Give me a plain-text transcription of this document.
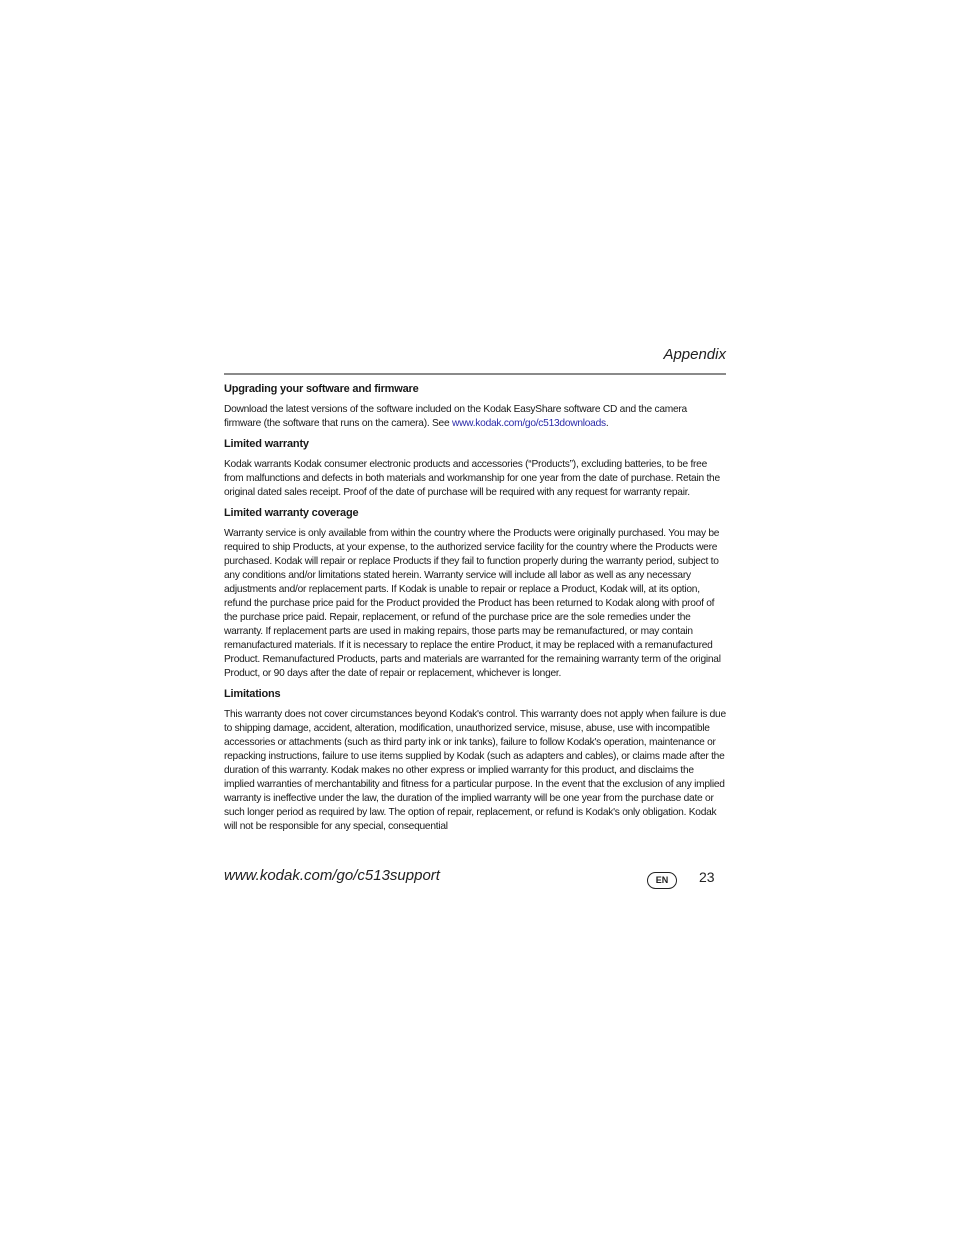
Appendix
Upgrading your software and firmware

Download the latest versions of the software included on the Kodak EasyShare software CD and the camera firmware (the software that runs on the camera). See www.kodak.com/go/c513downloads.

Limited warranty

Kodak warrants Kodak consumer electronic products and accessories (“Products”), excluding batteries, to be free from malfunctions and defects in both materials and workmanship for one year from the date of purchase. Retain the original dated sales receipt. Proof of the date of purchase will be required with any request for warranty repair.

Limited warranty coverage

Warranty service is only available from within the country where the Products were originally purchased. You may be required to ship Products, at your expense, to the authorized service facility for the country where the Products were purchased. Kodak will repair or replace Products if they fail to function properly during the warranty period, subject to any conditions and/or limitations stated herein. Warranty service will include all labor as well as any necessary adjustments and/or replacement parts. If Kodak is unable to repair or replace a Product, Kodak will, at its option, refund the purchase price paid for the Product provided the Product has been returned to Kodak along with proof of the purchase price paid. Repair, replacement, or refund of the purchase price are the sole remedies under the warranty. If replacement parts are used in making repairs, those parts may be remanufactured, or may contain remanufactured materials. If it is necessary to replace the entire Product, it may be replaced with a remanufactured Product. Remanufactured Products, parts and materials are warranted for the remaining warranty term of the original Product, or 90 days after the date of repair or replacement, whichever is longer.

Limitations

This warranty does not cover circumstances beyond Kodak's control. This warranty does not apply when failure is due to shipping damage, accident, alteration, modification, unauthorized service, misuse, abuse, use with incompatible accessories or attachments (such as third party ink or ink tanks), failure to follow Kodak's operation, maintenance or repacking instructions, failure to use items supplied by Kodak (such as adapters and cables), or claims made after the duration of this warranty. Kodak makes no other express or implied warranty for this product, and disclaims the implied warranties of merchantability and fitness for a particular purpose. In the event that the exclusion of any implied warranty is ineffective under the law, the duration of the implied warranty will be one year from the purchase date or such longer period as required by law. The option of repair, replacement, or refund is Kodak's only obligation. Kodak will not be responsible for any special, consequential

www.kodak.com/go/c513support	EN	23
